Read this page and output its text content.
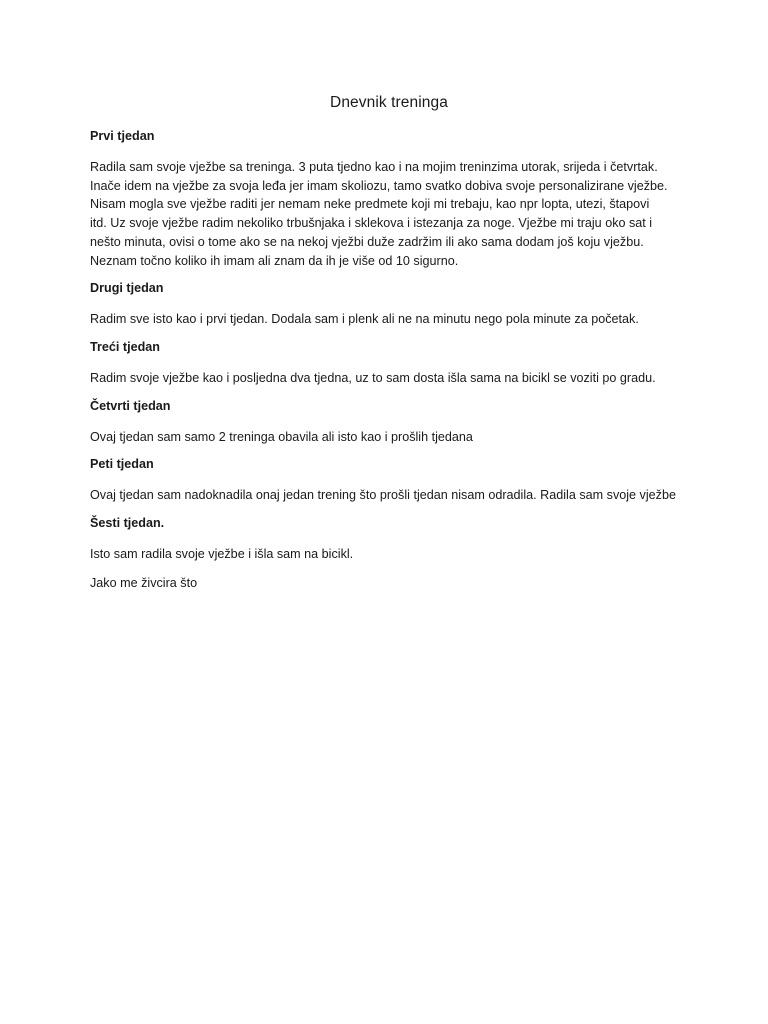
Dnevnik treninga
Prvi tjedan

Radila sam svoje vježbe sa treninga. 3 puta tjedno kao i na mojim treninzima utorak, srijeda i četvrtak.
Inače idem na vježbe za svoja leđa jer imam skoliozu, tamo svatko dobiva svoje personalizirane vježbe.
Nisam mogla sve vježbe raditi jer nemam neke predmete koji mi trebaju, kao npr lopta, utezi, štapovi
itd. Uz svoje vježbe radim nekoliko trbušnjaka i sklekova i istezanja za noge. Vježbe mi traju oko sat i
nešto minuta, ovisi o tome ako se na nekoj vježbi duže zadržim ili ako sama dodam još koju vježbu.
Neznam točno koliko ih imam ali znam da ih je više od 10 sigurno.

Drugi tjedan

Radim sve isto kao i prvi tjedan. Dodala sam i plenk ali ne na minutu nego pola minute za početak.

Treći tjedan

Radim svoje vježbe kao i posljedna dva tjedna, uz to sam dosta išla sama na bicikl se voziti po gradu.

Četvrti tjedan

Ovaj tjedan sam samo 2 treninga obavila ali isto kao i prošlih tjedana

Peti tjedan

Ovaj tjedan sam nadoknadila onaj jedan trening što prošli tjedan nisam odradila. Radila sam svoje vježbe

Šesti tjedan.

Isto sam radila svoje vježbe i išla sam na bicikl.

Jako me živcira što
